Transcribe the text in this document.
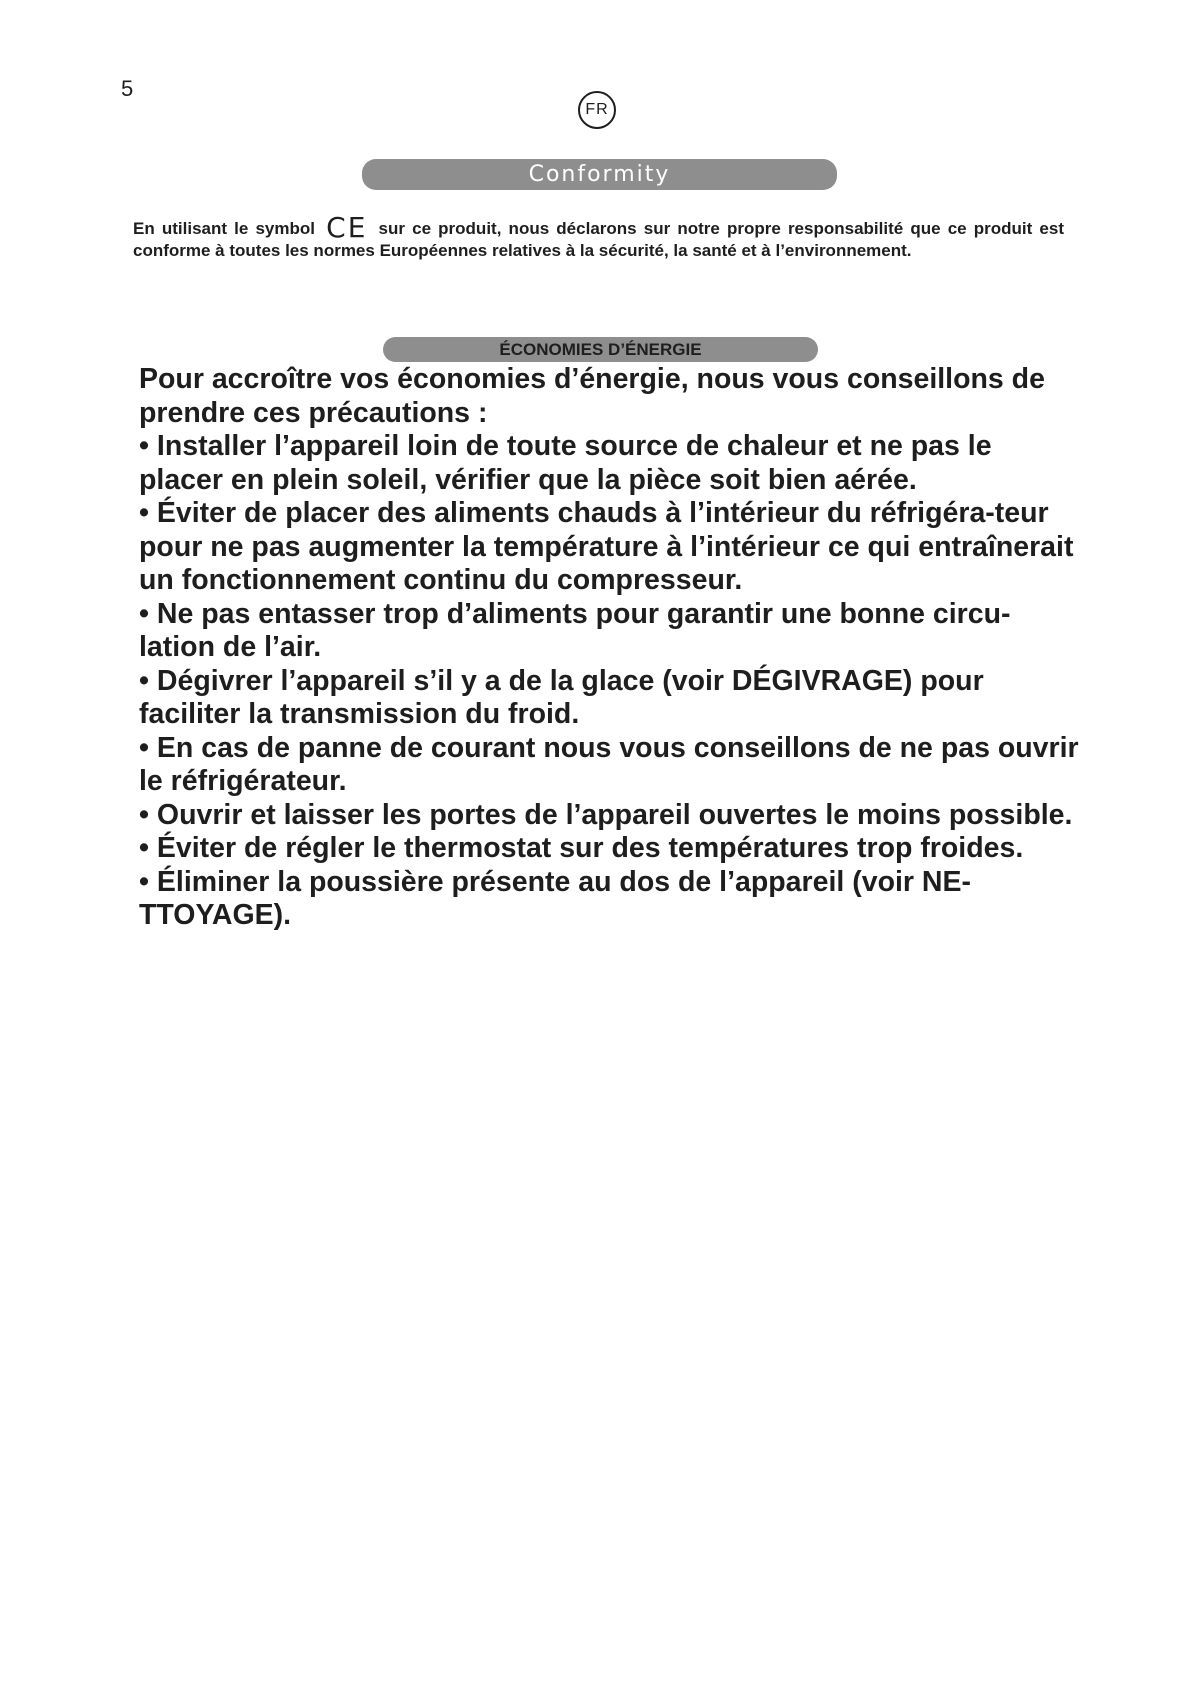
5
FR
Conformity
En utilisant le symbol CE sur ce produit, nous déclarons sur notre propre responsabilité que ce produit est conforme à toutes les normes Européennes relatives à la sécurité, la santé et à l’environnement.
ÉCONOMIES D’ÉNERGIE

Pour accroître vos économies d’énergie, nous vous conseillons de prendre ces précautions :

• Installer l’appareil loin de toute source de chaleur et ne pas le placer en plein soleil, vérifier que la pièce soit bien aérée.

• Éviter de placer des aliments chauds à l’intérieur du réfrigéra-teur pour ne pas augmenter la température à l’intérieur ce qui entraînerait un fonctionnement continu du compresseur.

• Ne pas entasser trop d’aliments pour garantir une bonne circu-lation de l’air.

• Dégivrer l’appareil s’il y a de la glace (voir DÉGIVRAGE) pour faciliter la transmission du froid.

• En cas de panne de courant nous vous conseillons de ne pas ouvrir le réfrigérateur.

• Ouvrir et laisser les portes de l’appareil ouvertes le moins possible.

• Éviter de régler le thermostat sur des températures trop froides.

• Éliminer la poussière présente au dos de l’appareil (voir NE-TTOYAGE).
